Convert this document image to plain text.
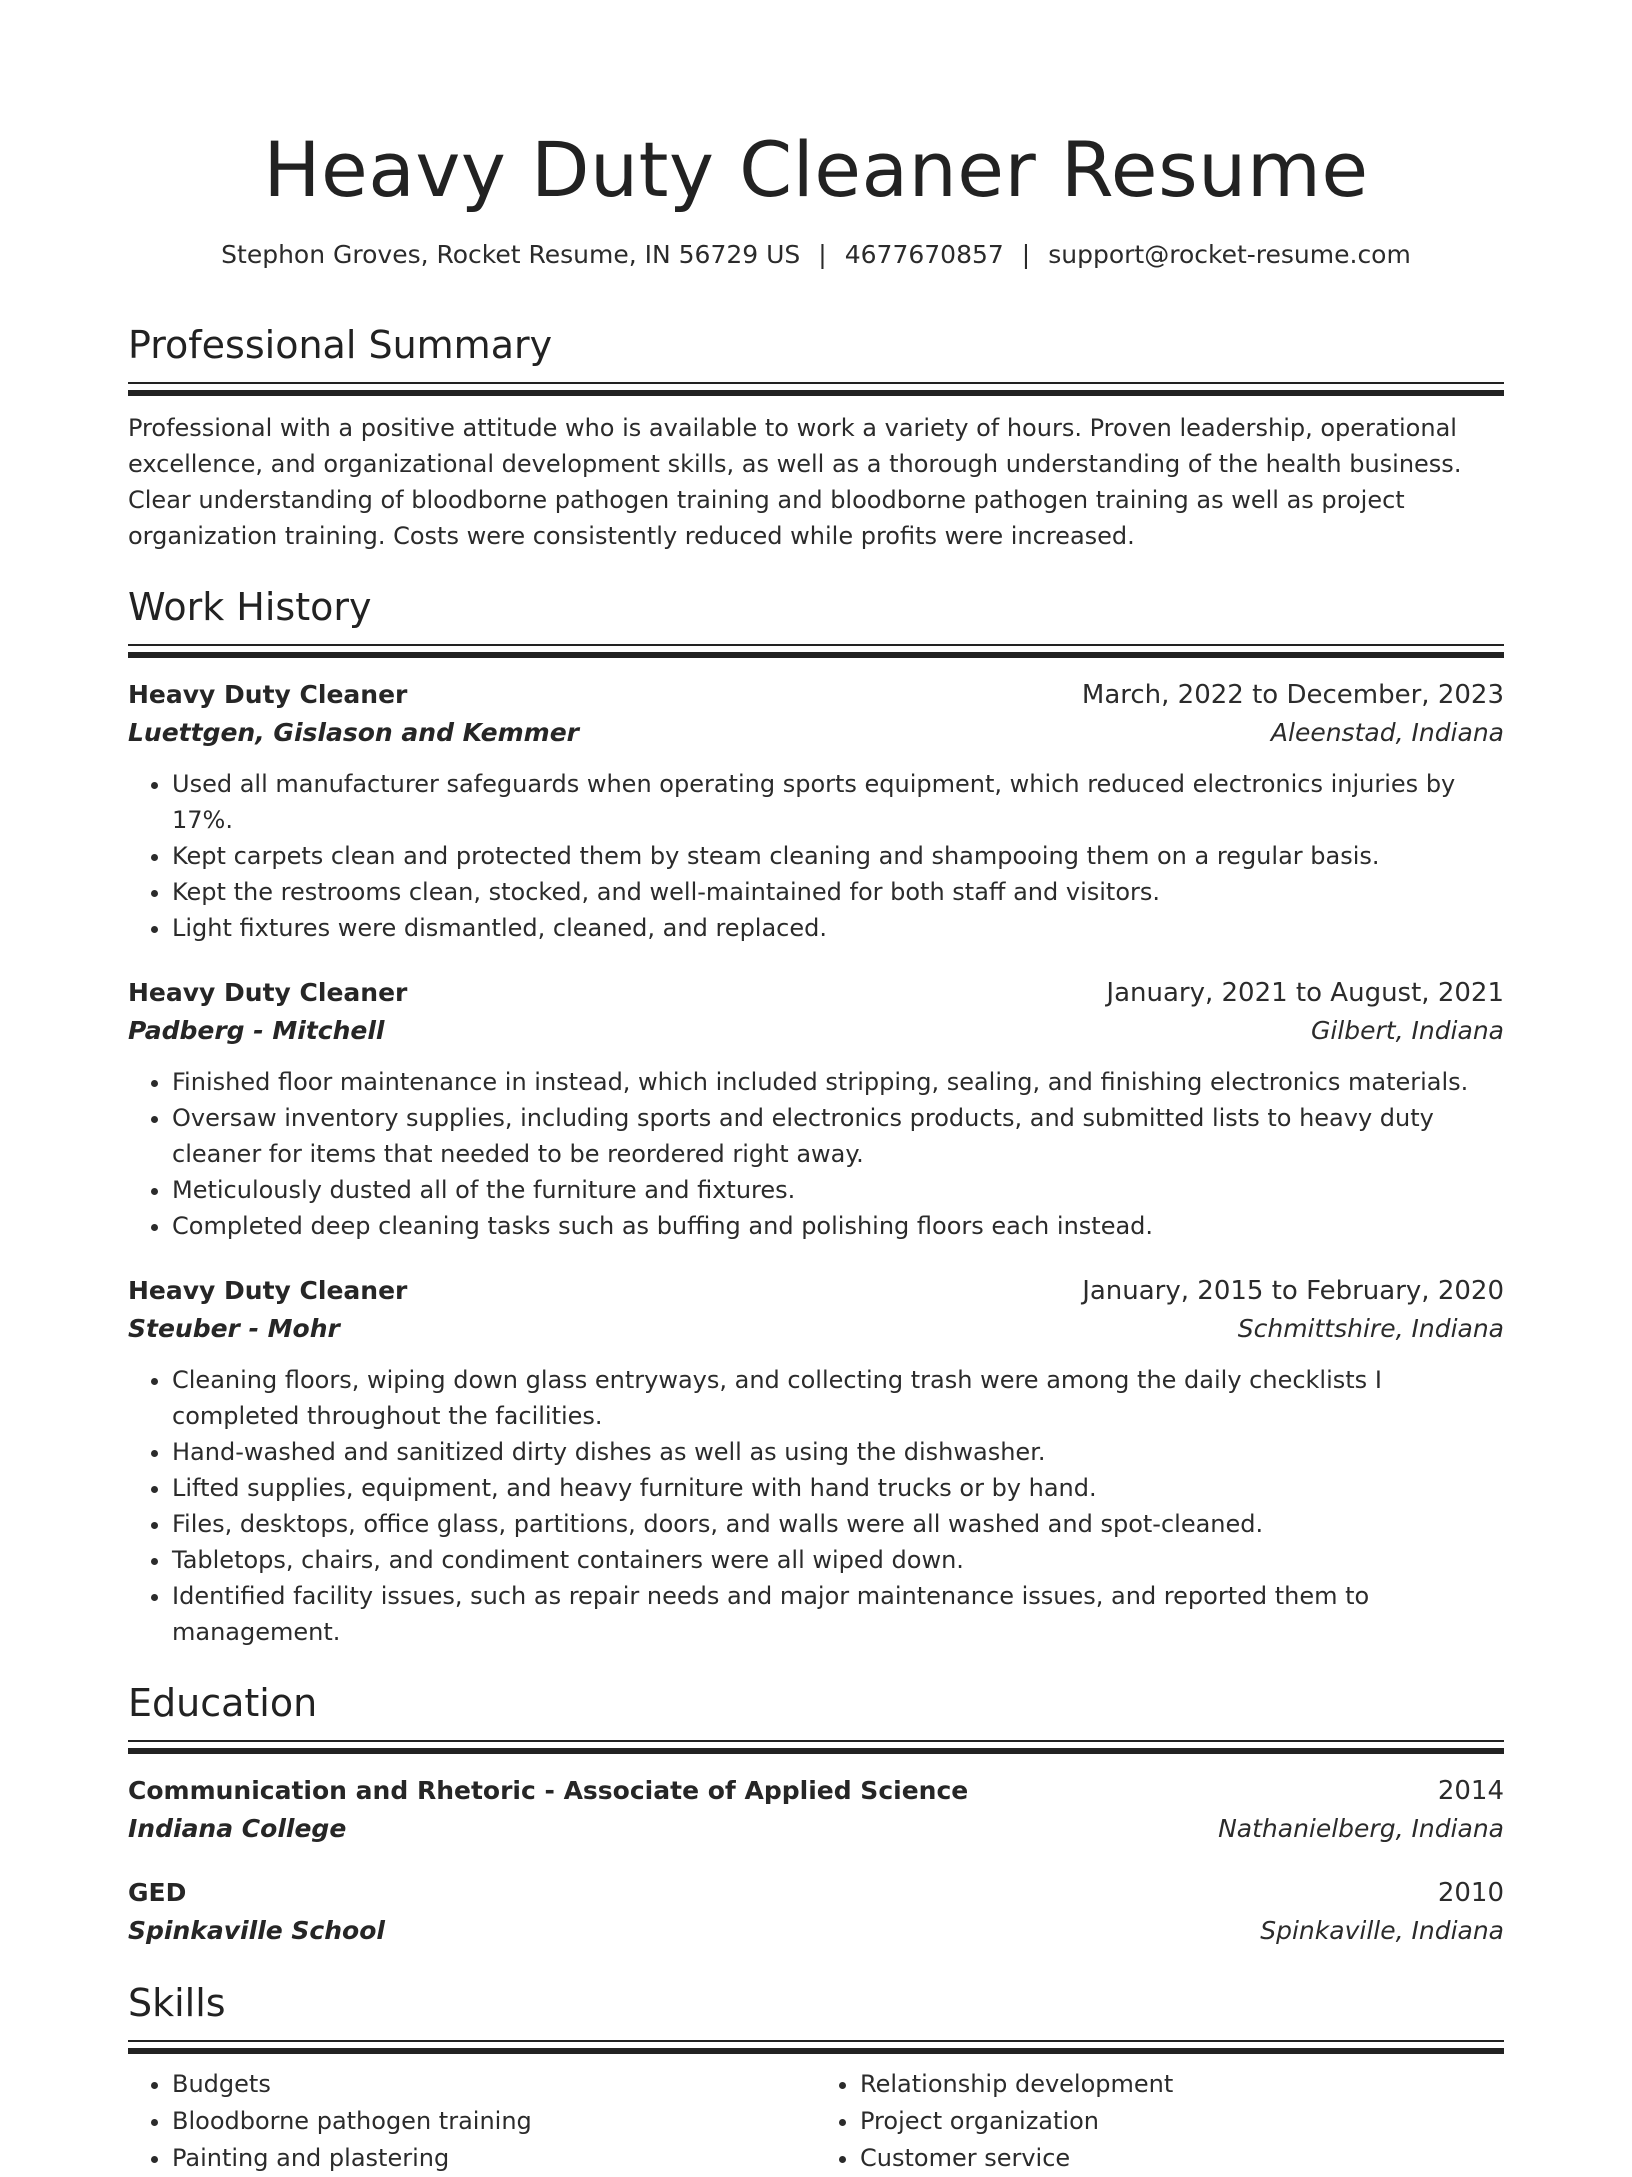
Heavy Duty Cleaner Resume
Stephon Groves, Rocket Resume, IN 56729 US | 4677670857 | support@rocket-resume.com
Professional Summary
Professional with a positive attitude who is available to work a variety of hours. Proven leadership, operational excellence, and organizational development skills, as well as a thorough understanding of the health business. Clear understanding of bloodborne pathogen training and bloodborne pathogen training as well as project organization training. Costs were consistently reduced while profits were increased.
Work History
Heavy Duty Cleaner	March, 2022 to December, 2023
Luettgen, Gislason and Kemmer	Aleenstad, Indiana
• Used all manufacturer safeguards when operating sports equipment, which reduced electronics injuries by 17%.
• Kept carpets clean and protected them by steam cleaning and shampooing them on a regular basis.
• Kept the restrooms clean, stocked, and well-maintained for both staff and visitors.
• Light fixtures were dismantled, cleaned, and replaced.
Heavy Duty Cleaner	January, 2021 to August, 2021
Padberg - Mitchell	Gilbert, Indiana
• Finished floor maintenance in instead, which included stripping, sealing, and finishing electronics materials.
• Oversaw inventory supplies, including sports and electronics products, and submitted lists to heavy duty cleaner for items that needed to be reordered right away.
• Meticulously dusted all of the furniture and fixtures.
• Completed deep cleaning tasks such as buffing and polishing floors each instead.
Heavy Duty Cleaner	January, 2015 to February, 2020
Steuber - Mohr	Schmittshire, Indiana
• Cleaning floors, wiping down glass entryways, and collecting trash were among the daily checklists I completed throughout the facilities.
• Hand-washed and sanitized dirty dishes as well as using the dishwasher.
• Lifted supplies, equipment, and heavy furniture with hand trucks or by hand.
• Files, desktops, office glass, partitions, doors, and walls were all washed and spot-cleaned.
• Tabletops, chairs, and condiment containers were all wiped down.
• Identified facility issues, such as repair needs and major maintenance issues, and reported them to management.
Education
Communication and Rhetoric - Associate of Applied Science	2014
Indiana College	Nathanielberg, Indiana
GED	2010
Spinkaville School	Spinkaville, Indiana
Skills
• Budgets
• Bloodborne pathogen training
• Painting and plastering
• Relationship development
• Project organization
• Customer service
